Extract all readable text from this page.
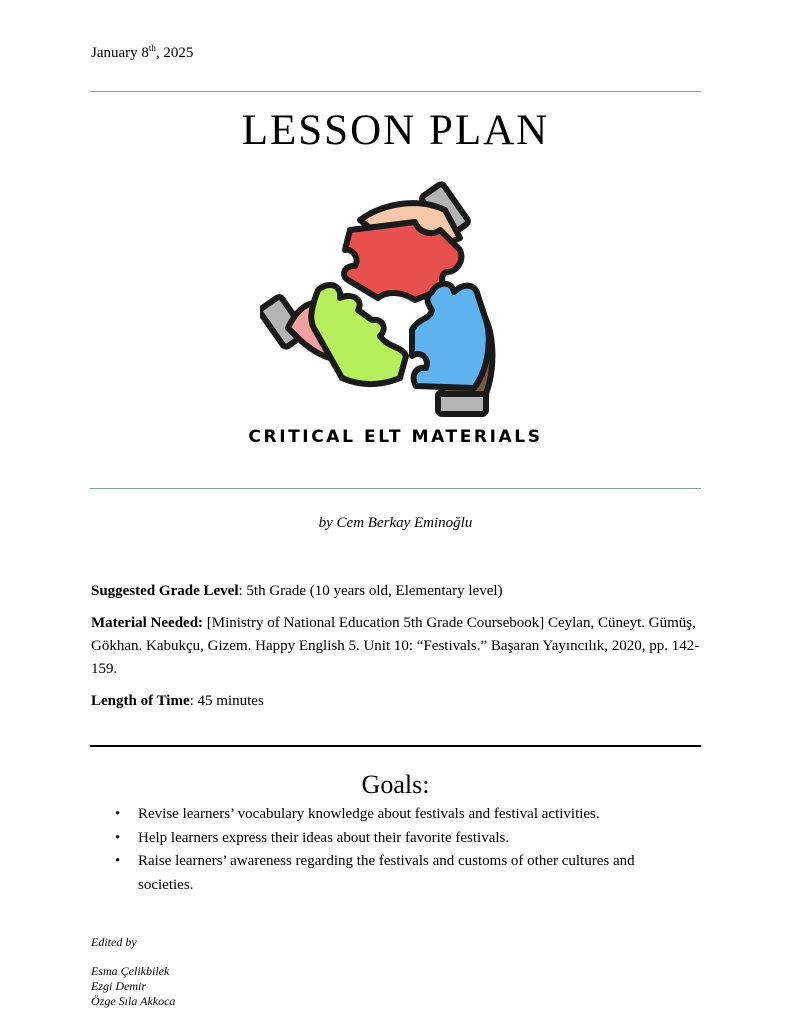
January 8th, 2025
LESSON PLAN
CRITICAL ELT MATERIALS
by Cem Berkay Eminoğlu
Suggested Grade Level: 5th Grade (10 years old, Elementary level)
Material Needed: [Ministry of National Education 5th Grade Coursebook] Ceylan, Cüneyt. Gümüş, Gökhan. Kabukçu, Gizem. Happy English 5. Unit 10: “Festivals.” Başaran Yayıncılık, 2020, pp. 142-159.
Length of Time: 45 minutes
Goals:
• Revise learners’ vocabulary knowledge about festivals and festival activities.
• Help learners express their ideas about their favorite festivals.
• Raise learners’ awareness regarding the festivals and customs of other cultures and societies.
Edited by
Esma Çelikbilek
Ezgi Demir
Özge Sıla Akkoca
